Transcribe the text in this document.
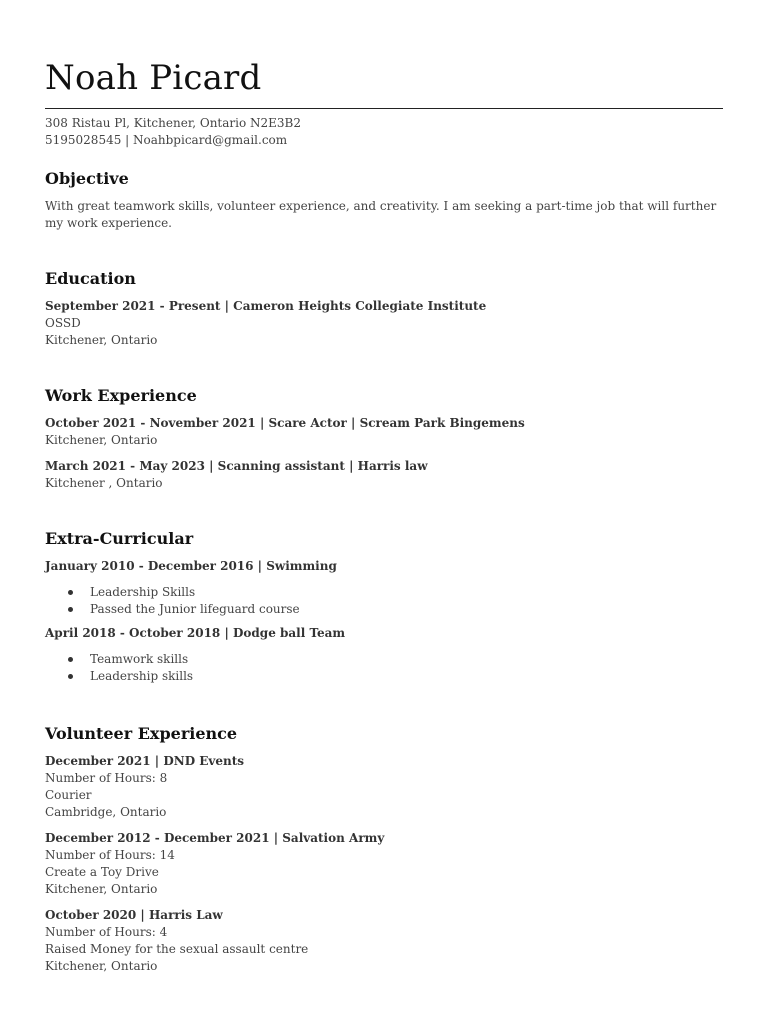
Noah Picard
308 Ristau Pl, Kitchener, Ontario N2E3B2
5195028545 | Noahbpicard@gmail.com
Objective
With great teamwork skills, volunteer experience, and creativity. I am seeking a part-time job that will further my work experience.
Education
September 2021 - Present | Cameron Heights Collegiate Institute
OSSD
Kitchener, Ontario
Work Experience
October 2021 - November 2021 | Scare Actor | Scream Park Bingemens
Kitchener, Ontario
March 2021 - May 2023 | Scanning assistant | Harris law
Kitchener , Ontario
Extra-Curricular
January 2010 - December 2016 | Swimming
Leadership Skills
Passed the Junior lifeguard course
April 2018 - October 2018 | Dodge ball Team
Teamwork skills
Leadership skills
Volunteer Experience
December 2021 | DND Events
Number of Hours: 8
Courier
Cambridge, Ontario
December 2012 - December 2021 | Salvation Army
Number of Hours: 14
Create a Toy Drive
Kitchener, Ontario
October 2020 | Harris Law
Number of Hours: 4
Raised Money for the sexual assault centre
Kitchener, Ontario
